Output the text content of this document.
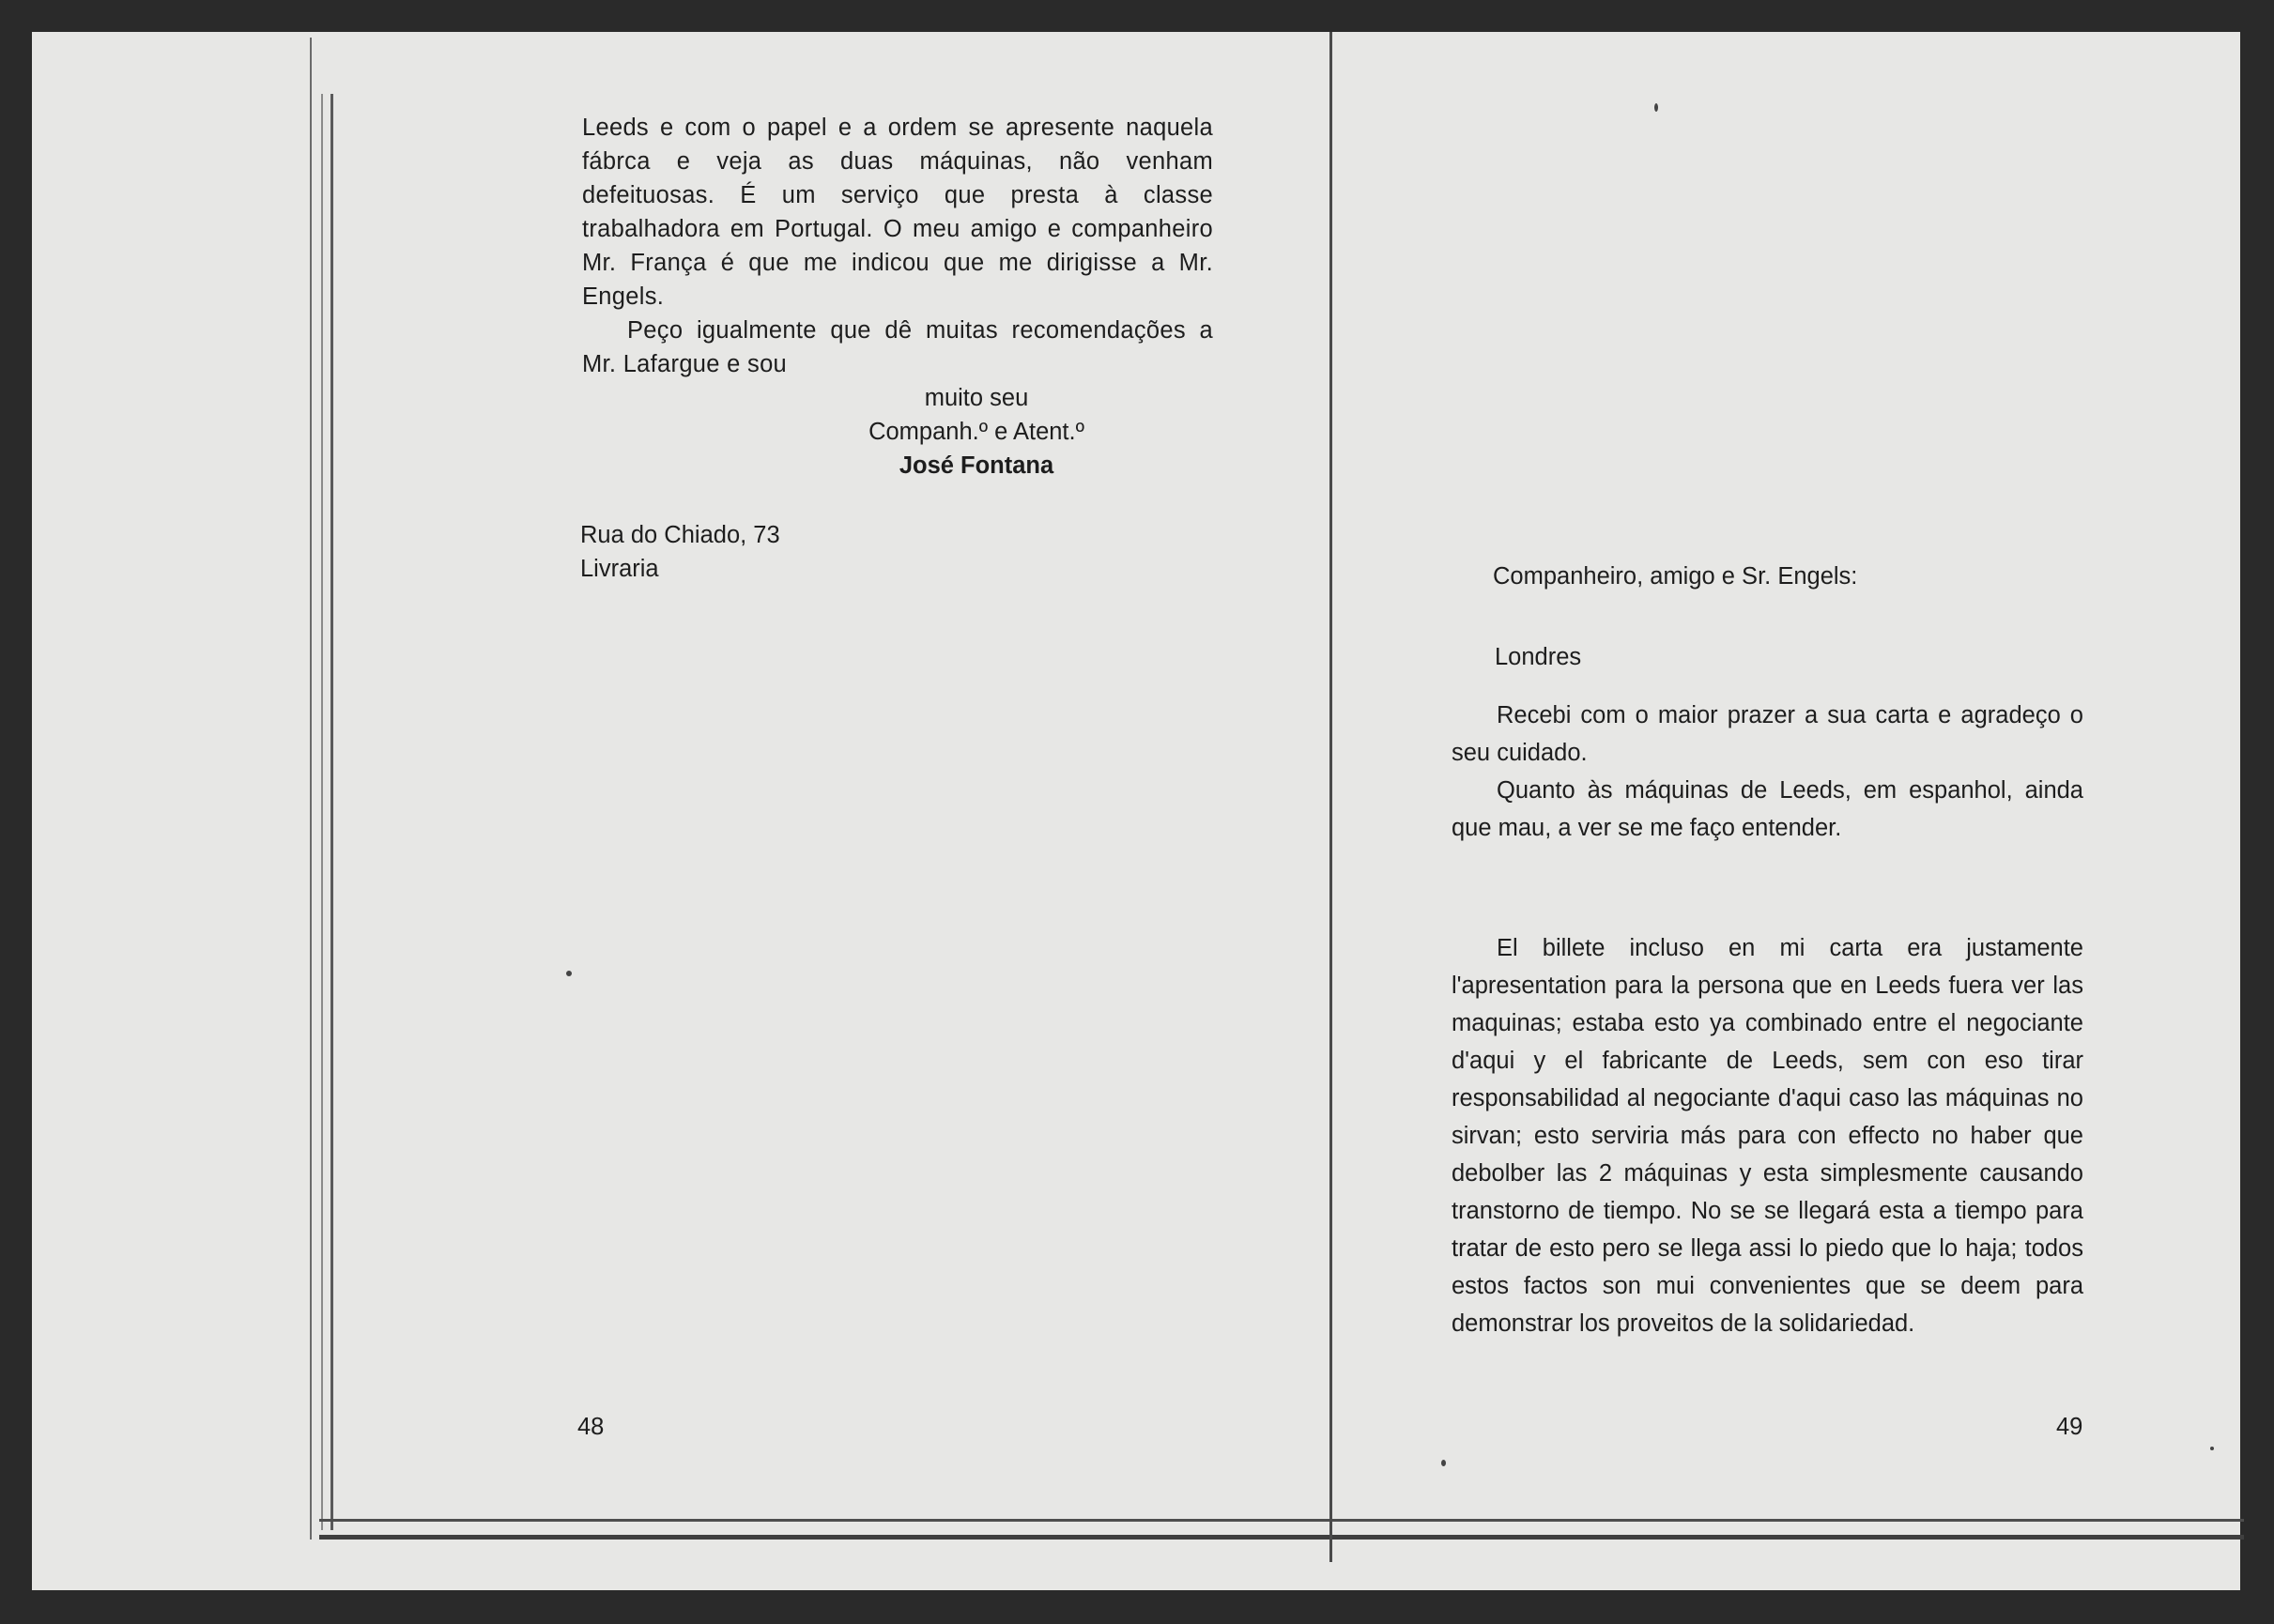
Leeds e com o papel e a ordem se apresente naquela fábrca e veja as duas máquinas, não venham defeituosas. É um serviço que presta à classe trabalhadora em Portugal. O meu amigo e companheiro Mr. França é que me indicou que me dirigisse a Mr. Engels.

Peço igualmente que dê muitas recomendações a Mr. Lafargue e sou

muito seu
Companh.º e Atent.º
José Fontana
Rua do Chiado, 73
Livraria
48
Companheiro, amigo e Sr. Engels:
Londres

Recebi com o maior prazer a sua carta e agradeço o seu cuidado.

Quanto às máquinas de Leeds, em espanhol, ainda que mau, a ver se me faço entender.

El billete incluso en mi carta era justamente l'apresentation para la persona que en Leeds fuera ver las maquinas; estaba esto ya combinado entre el negociante d'aqui y el fabricante de Leeds, sem con eso tirar responsabilidad al negociante d'aqui caso las máquinas no sirvan; esto serviria más para con effecto no haber que debolber las 2 máquinas y esta simplesmente causando transtorno de tiempo. No se se llegará esta a tiempo para tratar de esto pero se llega assi lo piedo que lo haja; todos estos factos son mui convenientes que se deem para demonstrar los proveitos de la solidariedad.

49
